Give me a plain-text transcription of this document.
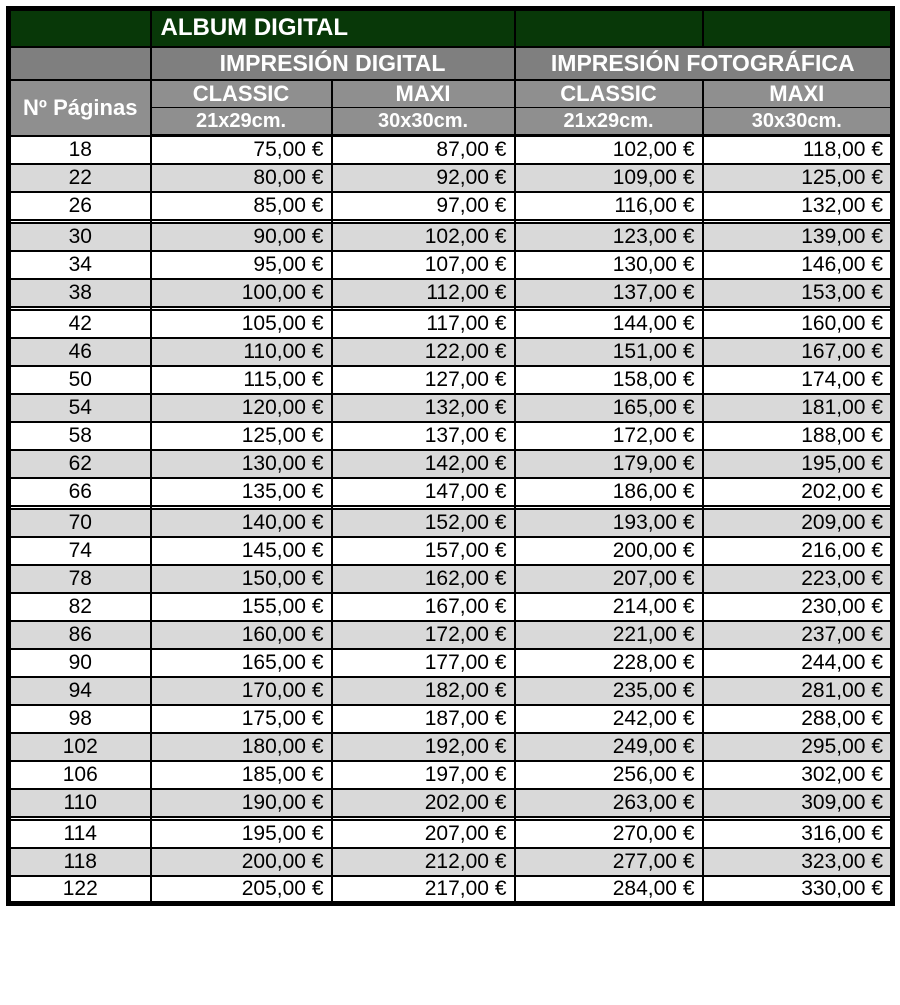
	ALBUM DIGITAL			
	IMPRESIÓN DIGITAL		IMPRESIÓN FOTOGRÁFICA	
Nº Páginas	CLASSIC	MAXI	CLASSIC	MAXI
	21x29cm.	30x30cm.	21x29cm.	30x30cm.
18	75,00 €	87,00 €	102,00 €	118,00 €
22	80,00 €	92,00 €	109,00 €	125,00 €
26	85,00 €	97,00 €	116,00 €	132,00 €

30	90,00 €	102,00 €	123,00 €	139,00 €
34	95,00 €	107,00 €	130,00 €	146,00 €
38	100,00 €	112,00 €	137,00 €	153,00 €

42	105,00 €	117,00 €	144,00 €	160,00 €
46	110,00 €	122,00 €	151,00 €	167,00 €
50	115,00 €	127,00 €	158,00 €	174,00 €
54	120,00 €	132,00 €	165,00 €	181,00 €
58	125,00 €	137,00 €	172,00 €	188,00 €
62	130,00 €	142,00 €	179,00 €	195,00 €
66	135,00 €	147,00 €	186,00 €	202,00 €

70	140,00 €	152,00 €	193,00 €	209,00 €
74	145,00 €	157,00 €	200,00 €	216,00 €
78	150,00 €	162,00 €	207,00 €	223,00 €
82	155,00 €	167,00 €	214,00 €	230,00 €
86	160,00 €	172,00 €	221,00 €	237,00 €
90	165,00 €	177,00 €	228,00 €	244,00 €
94	170,00 €	182,00 €	235,00 €	281,00 €
98	175,00 €	187,00 €	242,00 €	288,00 €
102	180,00 €	192,00 €	249,00 €	295,00 €
106	185,00 €	197,00 €	256,00 €	302,00 €
110	190,00 €	202,00 €	263,00 €	309,00 €

114	195,00 €	207,00 €	270,00 €	316,00 €
118	200,00 €	212,00 €	277,00 €	323,00 €
122	205,00 €	217,00 €	284,00 €	330,00 €
